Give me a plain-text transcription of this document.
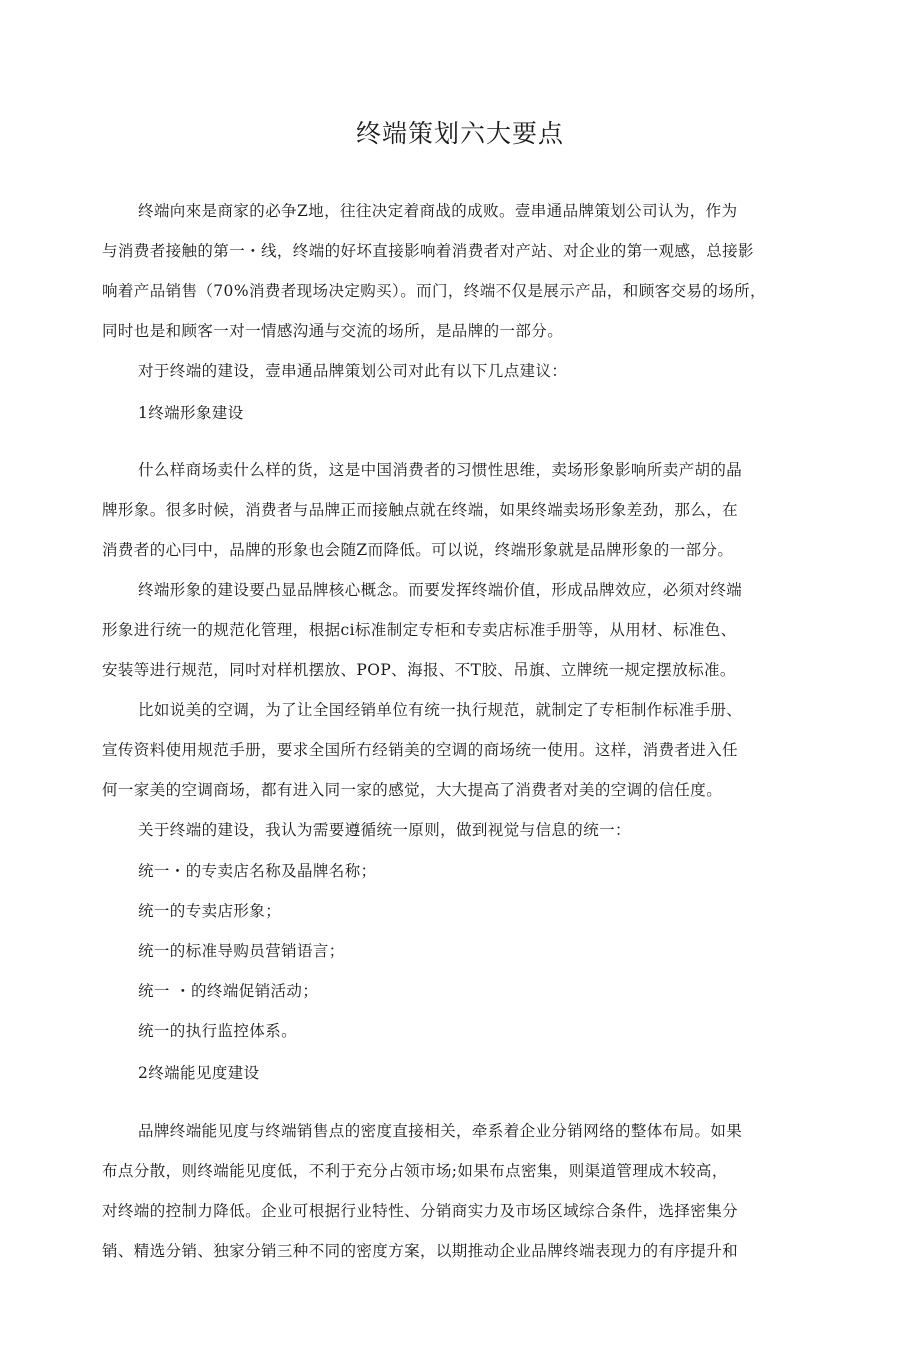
终端策划六大要点
终端向來是商家的必争Z地，往往决定着商战的成败。壹串通品牌策划公司认为，作为
与消费者接触的第一・线，终端的好坏直接影响着消费者对产站、对企业的第一观感，总接影
响着产品销售（70%消费者现场决定购买）。而门，终端不仅是展示产品，和顾客交易的场所，
同时也是和顾客一对一情感沟通与交流的场所，是品牌的一部分。
对于终端的建设，壹串通品牌策划公司对此有以下几点建议：
1终端形象建设
什么样商场卖什么样的货，这是中国消费者的习惯性思维，卖场形象影响所卖产胡的晶
牌形象。很多时候，消费者与品牌正而接触点就在终端，如果终端卖场形象差劲，那么，在
消费者的心冃中，品牌的形象也会随Z而降低。可以说，终端形象就是品牌形象的一部分。
终端形象的建设要凸显品牌核心概念。而要发挥终端价值，形成品牌效应，必须对终端
形象进行统一的规范化管理，根据ci标准制定专柜和专卖店标准手册等，从用材、标准色、
安装等进行规范，同吋对样机摆放、POP、海报、不T胶、吊旗、立牌统一规定摆放标准。
比如说美的空调，为了让全国经销单位有统一执行规范，就制定了专柜制作标准手册、
宣传资料使用规范手册，要求全国所冇经销美的空调的商场统一使用。这样，消费者进入任
何一家美的空调商场，都有进入同一家的感觉，大大提高了消费者对美的空调的信任度。
关于终端的建设，我认为需要遵循统一原则，做到视觉与信息的统一：
统一・的专卖店名称及晶牌名称；
统一的专卖店形象；
统一的标准导购员营销语言；
统一 ・的终端促销活动；
统一的执行监控体系。
2终端能见度建设
品牌终端能见度与终端销售点的密度直接相关，牵系着企业分销网络的整体布局。如果
布点分散，则终端能见度低，不利于充分占领市场;如果布点密集，则渠道管理成木较高，
对终端的控制力降低。企业可根据行业特性、分销商实力及市场区域综合条件，选择密集分
销、精选分销、独家分销三种不同的密度方案，以期推动企业品牌终端表现力的有序提升和
